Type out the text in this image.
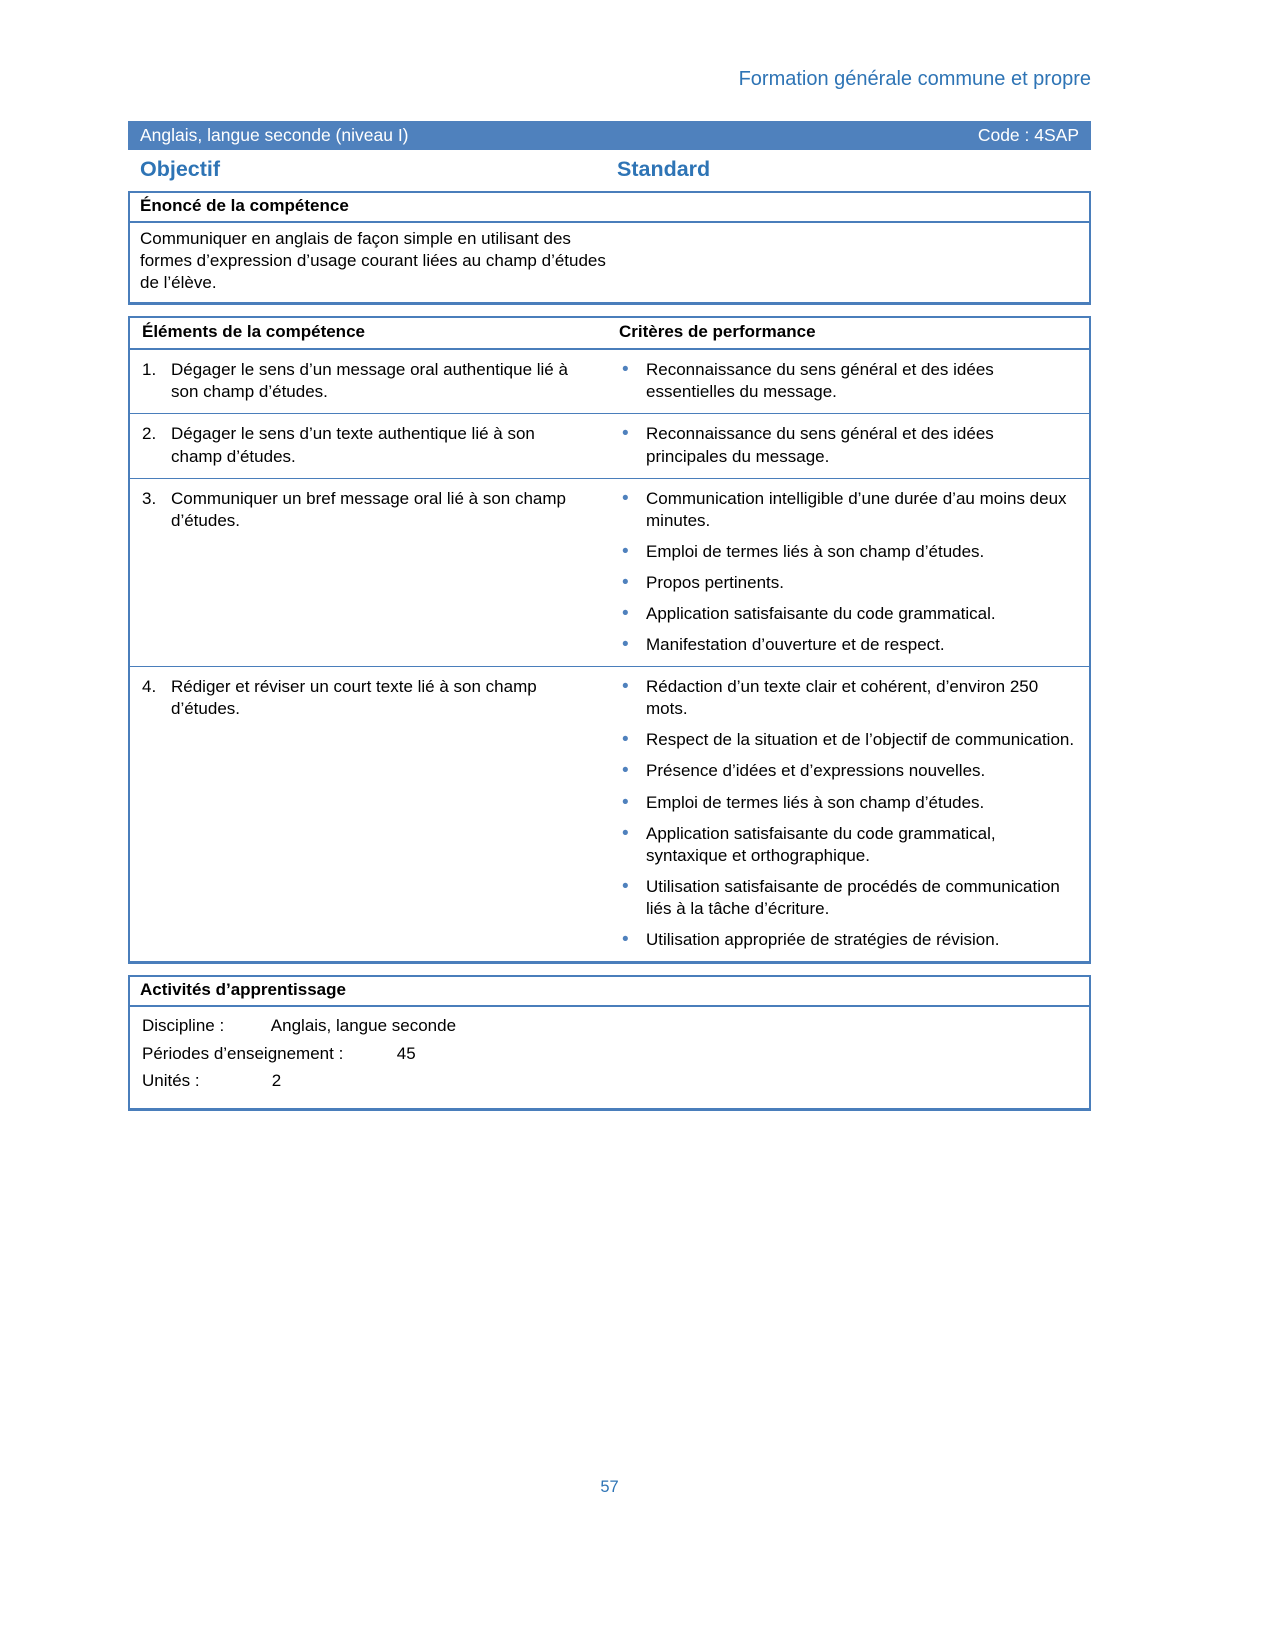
Formation générale commune et propre
Anglais, langue seconde (niveau I)	Code : 4SAP
Objectif	Standard
Énoncé de la compétence
Communiquer en anglais de façon simple en utilisant des formes d’expression d’usage courant liées au champ d’études de l’élève.
Éléments de la compétence	Critères de performance
1. Dégager le sens d’un message oral authentique lié à son champ d’études.
• Reconnaissance du sens général et des idées essentielles du message.
2. Dégager le sens d’un texte authentique lié à son champ d’études.
• Reconnaissance du sens général et des idées principales du message.
3. Communiquer un bref message oral lié à son champ d’études.
• Communication intelligible d’une durée d’au moins deux minutes.
• Emploi de termes liés à son champ d’études.
• Propos pertinents.
• Application satisfaisante du code grammatical.
• Manifestation d’ouverture et de respect.
4. Rédiger et réviser un court texte lié à son champ d’études.
• Rédaction d’un texte clair et cohérent, d’environ 250 mots.
• Respect de la situation et de l’objectif de communication.
• Présence d’idées et d’expressions nouvelles.
• Emploi de termes liés à son champ d’études.
• Application satisfaisante du code grammatical, syntaxique et orthographique.
• Utilisation satisfaisante de procédés de communication liés à la tâche d’écriture.
• Utilisation appropriée de stratégies de révision.
Activités d’apprentissage
Discipline :	Anglais, langue seconde
Périodes d’enseignement :	45
Unités :	2
57
